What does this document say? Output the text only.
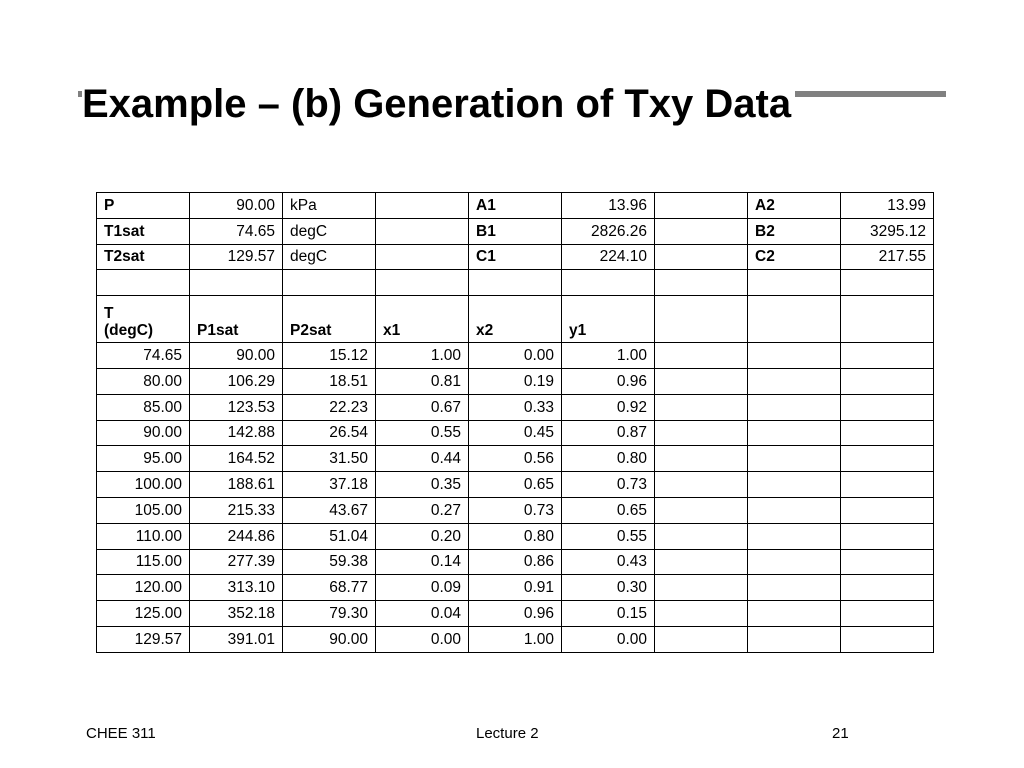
Example – (b) Generation of Txy Data
P	90.00	kPa		A1	13.96		A2	13.99
T1sat	74.65	degC		B1	2826.26		B2	3295.12
T2sat	129.57	degC		C1	224.10		C2	217.55

T
(degC)	P1sat	P2sat	x1	x2	y1			
74.65	90.00	15.12	1.00	0.00	1.00			
80.00	106.29	18.51	0.81	0.19	0.96			
85.00	123.53	22.23	0.67	0.33	0.92			
90.00	142.88	26.54	0.55	0.45	0.87			
95.00	164.52	31.50	0.44	0.56	0.80			
100.00	188.61	37.18	0.35	0.65	0.73			
105.00	215.33	43.67	0.27	0.73	0.65			
110.00	244.86	51.04	0.20	0.80	0.55			
115.00	277.39	59.38	0.14	0.86	0.43			
120.00	313.10	68.77	0.09	0.91	0.30			
125.00	352.18	79.30	0.04	0.96	0.15			
129.57	391.01	90.00	0.00	1.00	0.00			
CHEE 311	Lecture 2	21
